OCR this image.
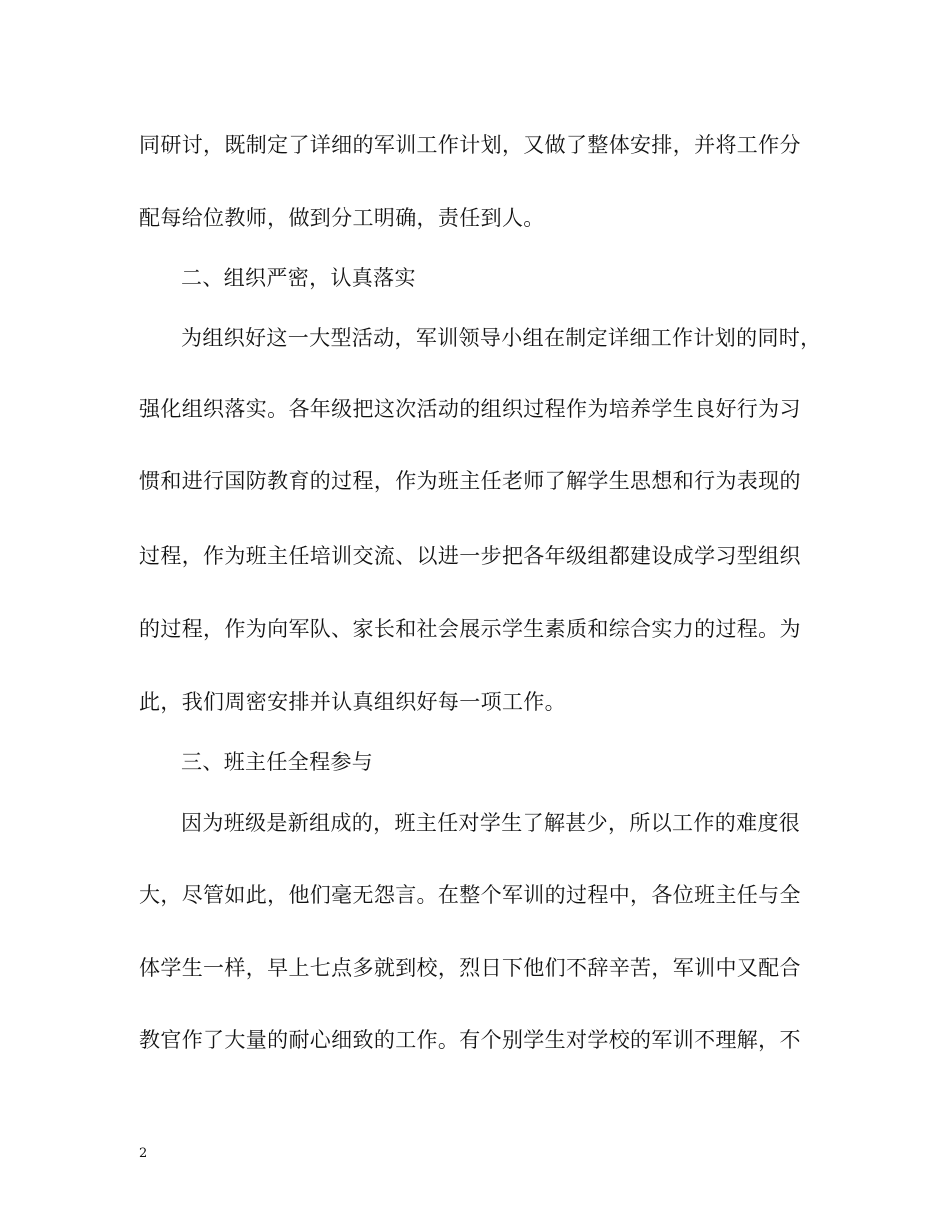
同研讨，既制定了详细的军训工作计划，又做了整体安排，并将工作分
配每给位教师，做到分工明确，责任到人。
二、组织严密，认真落实
为组织好这一大型活动，军训领导小组在制定详细工作计划的同时，
强化组织落实。各年级把这次活动的组织过程作为培养学生良好行为习
惯和进行国防教育的过程，作为班主任老师了解学生思想和行为表现的
过程，作为班主任培训交流、以进一步把各年级组都建设成学习型组织
的过程，作为向军队、家长和社会展示学生素质和综合实力的过程。为
此，我们周密安排并认真组织好每一项工作。
三、班主任全程参与
因为班级是新组成的，班主任对学生了解甚少，所以工作的难度很
大，尽管如此，他们毫无怨言。在整个军训的过程中，各位班主任与全
体学生一样，早上七点多就到校，烈日下他们不辞辛苦，军训中又配合
教官作了大量的耐心细致的工作。有个别学生对学校的军训不理解，不
2
